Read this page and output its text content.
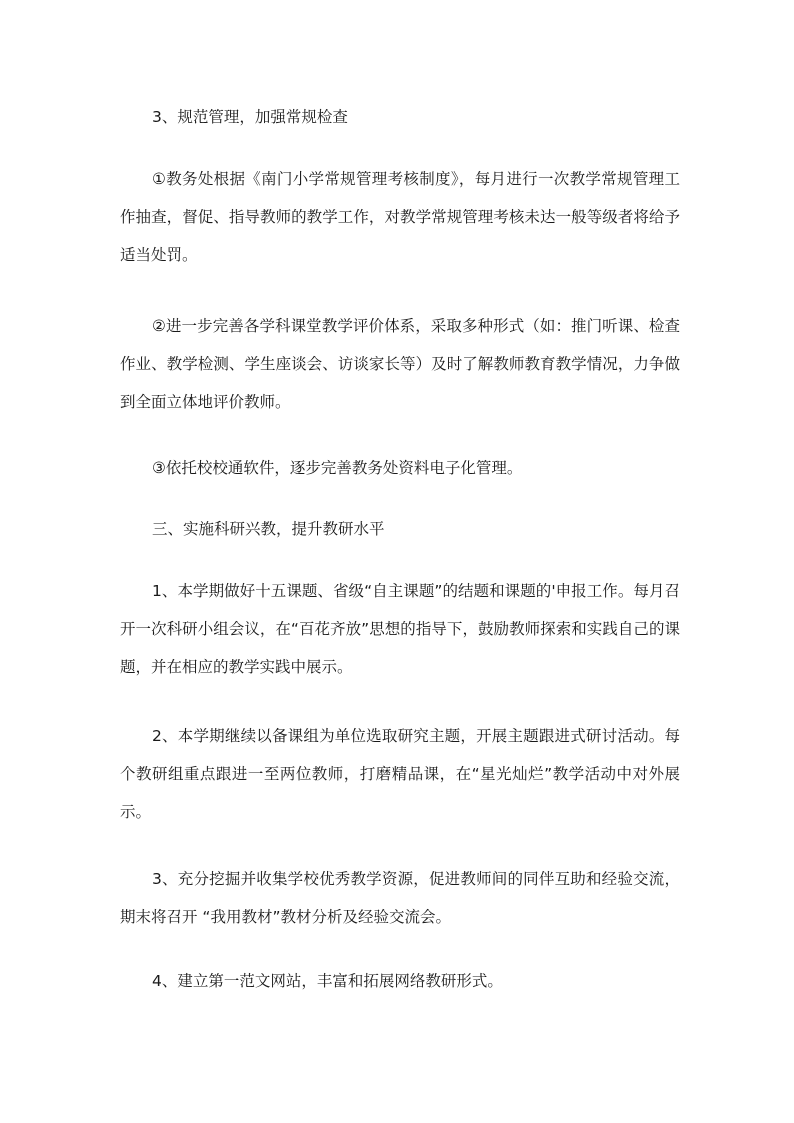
3、规范管理，加强常规检查

①教务处根据《南门小学常规管理考核制度》，每月进行一次教学常规管理工作抽查，督促、指导教师的教学工作，对教学常规管理考核未达一般等级者将给予适当处罚。

②进一步完善各学科课堂教学评价体系，采取多种形式（如：推门听课、检查作业、教学检测、学生座谈会、访谈家长等）及时了解教师教育教学情况，力争做到全面立体地评价教师。

③依托校校通软件，逐步完善教务处资料电子化管理。

三、实施科研兴教，提升教研水平

1、本学期做好十五课题、省级“自主课题”的结题和课题的'申报工作。每月召开一次科研小组会议，在“百花齐放”思想的指导下，鼓励教师探索和实践自己的课题，并在相应的教学实践中展示。

2、本学期继续以备课组为单位选取研究主题，开展主题跟进式研讨活动。每个教研组重点跟进一至两位教师，打磨精品课，在“星光灿烂”教学活动中对外展示。

3、充分挖掘并收集学校优秀教学资源，促进教师间的同伴互助和经验交流，期末将召开 “我用教材”教材分析及经验交流会。

4、建立第一范文网站，丰富和拓展网络教研形式。
